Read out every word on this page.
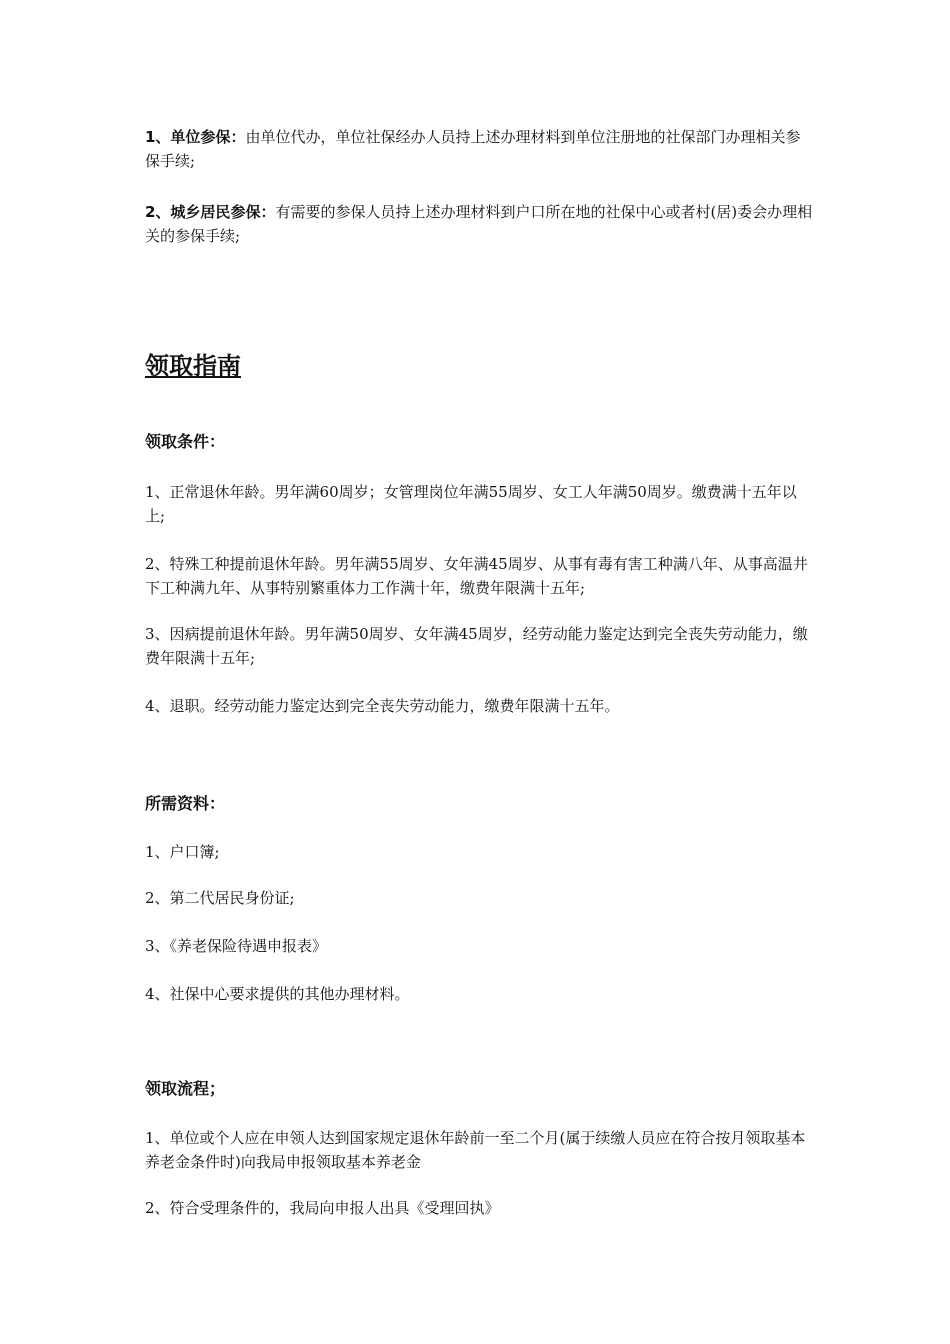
1、单位参保：由单位代办，单位社保经办人员持上述办理材料到单位注册地的社保部门办理相关参保手续;

2、城乡居民参保：有需要的参保人员持上述办理材料到户口所在地的社保中心或者村(居)委会办理相关的参保手续;

领取指南
领取条件：

1、正常退休年龄。男年满60周岁；女管理岗位年满55周岁、女工人年满50周岁。缴费满十五年以上;

2、特殊工种提前退休年龄。男年满55周岁、女年满45周岁、从事有毒有害工种满八年、从事高温井下工种满九年、从事特别繁重体力工作满十年，缴费年限满十五年;

3、因病提前退休年龄。男年满50周岁、女年满45周岁，经劳动能力鉴定达到完全丧失劳动能力，缴费年限满十五年;

4、退职。经劳动能力鉴定达到完全丧失劳动能力，缴费年限满十五年。

所需资料：

1、户口簿;

2、第二代居民身份证;

3、《养老保险待遇申报表》

4、社保中心要求提供的其他办理材料。

领取流程；

1、单位或个人应在申领人达到国家规定退休年龄前一至二个月(属于续缴人员应在符合按月领取基本养老金条件时)向我局申报领取基本养老金

2、符合受理条件的，我局向申报人出具《受理回执》
